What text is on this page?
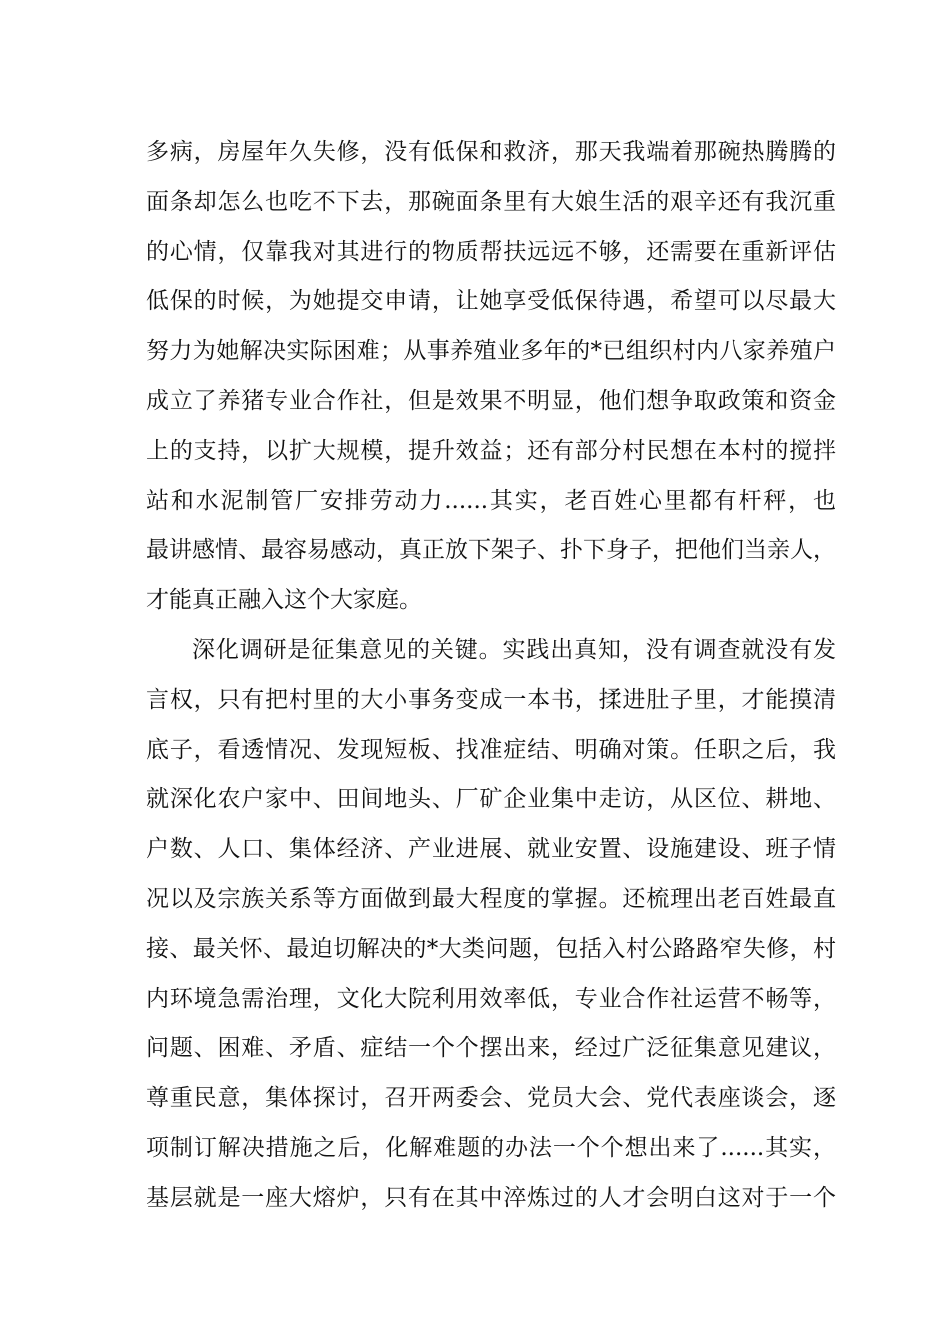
多病，房屋年久失修，没有低保和救济，那天我端着那碗热腾腾的
面条却怎么也吃不下去，那碗面条里有大娘生活的艰辛还有我沉重
的心情，仅靠我对其进行的物质帮扶远远不够，还需要在重新评估
低保的时候，为她提交申请，让她享受低保待遇，希望可以尽最大
努力为她解决实际困难；从事养殖业多年的*已组织村内八家养殖户
成立了养猪专业合作社，但是效果不明显，他们想争取政策和资金
上的支持，以扩大规模，提升效益；还有部分村民想在本村的搅拌
站和水泥制管厂安排劳动力......其实，老百姓心里都有杆秤，也
最讲感情、最容易感动，真正放下架子、扑下身子，把他们当亲人，
才能真正融入这个大家庭。
深化调研是征集意见的关键。实践出真知，没有调查就没有发
言权，只有把村里的大小事务变成一本书，揉进肚子里，才能摸清
底子，看透情况、发现短板、找准症结、明确对策。任职之后，我
就深化农户家中、田间地头、厂矿企业集中走访，从区位、耕地、
户数、人口、集体经济、产业进展、就业安置、设施建设、班子情
况以及宗族关系等方面做到最大程度的掌握。还梳理出老百姓最直
接、最关怀、最迫切解决的*大类问题，包括入村公路路窄失修，村
内环境急需治理，文化大院利用效率低，专业合作社运营不畅等，
问题、困难、矛盾、症结一个个摆出来，经过广泛征集意见建议，
尊重民意，集体探讨，召开两委会、党员大会、党代表座谈会，逐
项制订解决措施之后，化解难题的办法一个个想出来了......其实，
基层就是一座大熔炉，只有在其中淬炼过的人才会明白这对于一个
